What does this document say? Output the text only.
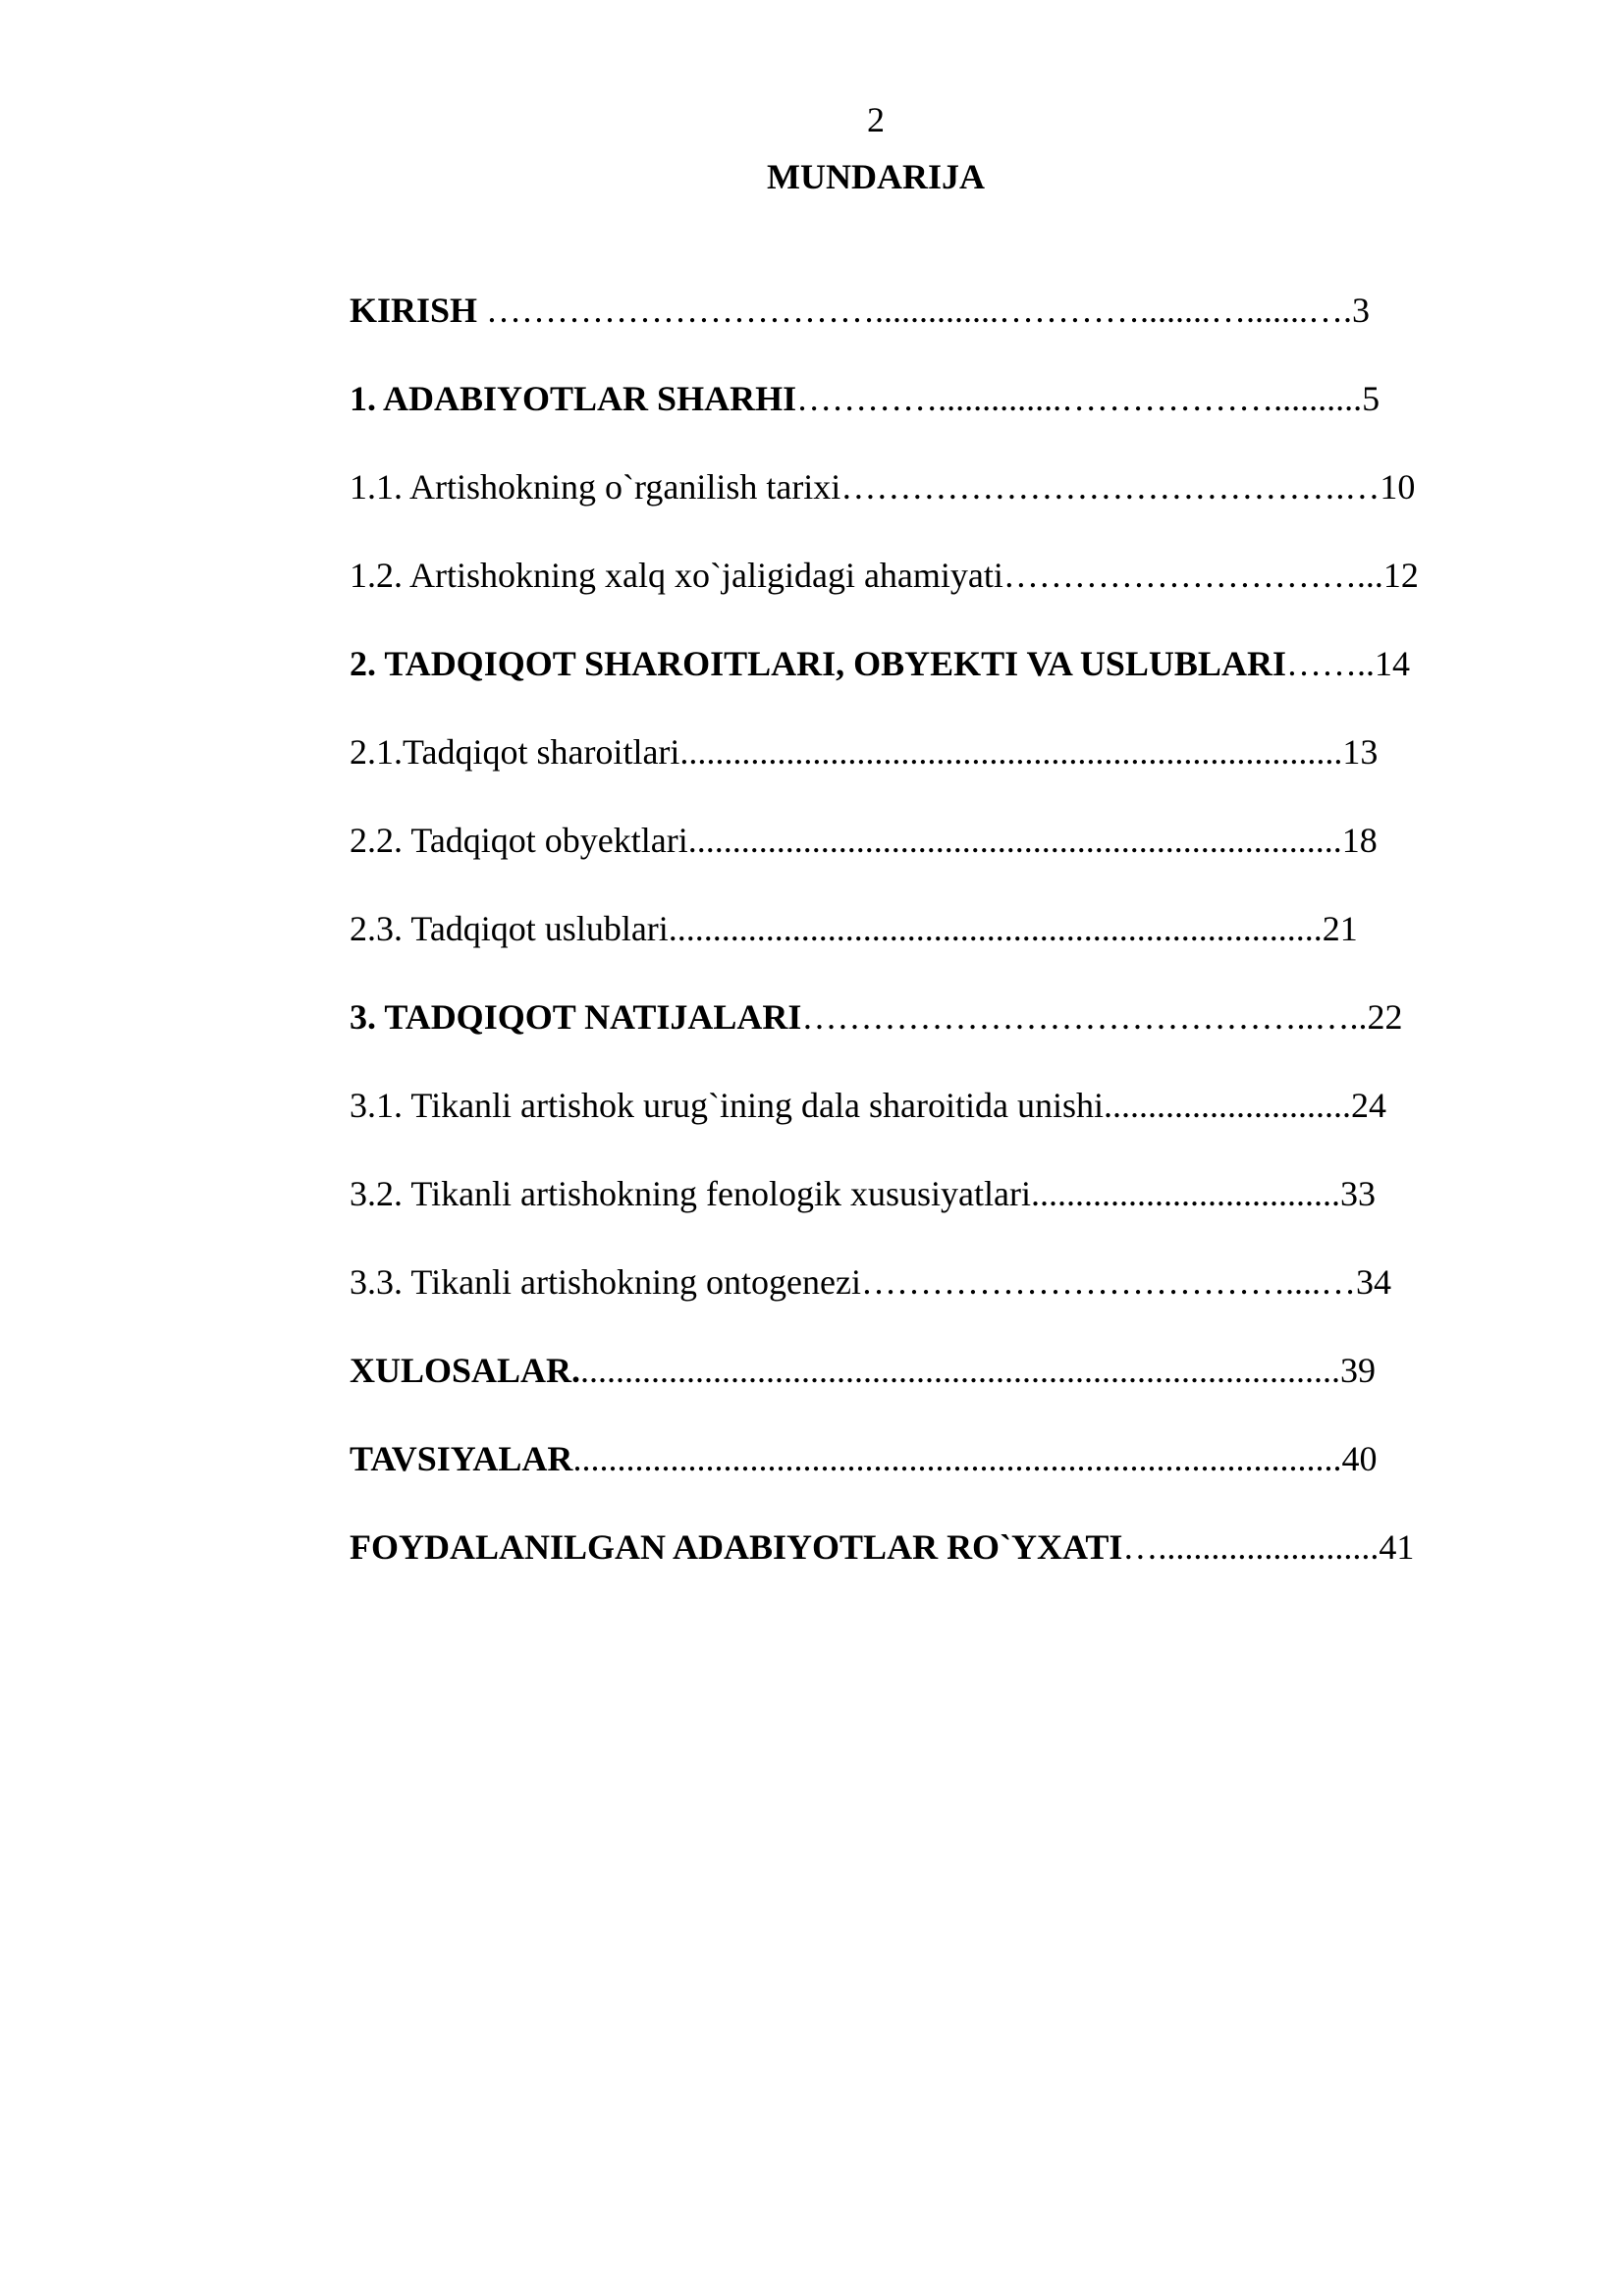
2
MUNDARIJA
KIRISH ……………………………..............…………........….......….3
1. ADABIYOTLAR SHARHI…………..............………………..........5
1.1. Artishokning o`rganilish tarixi…………………………………….…10
1.2. Artishokning xalq xo`jaligidagi ahamiyati…………………………...12
2. TADQIQOT SHAROITLARI, OBYEKTI VA USLUBLARI……..14
2.1.Tadqiqot sharoitlari...........................................................................13
2.2. Tadqiqot obyektlari..........................................................................18
2.3. Tadqiqot uslublari..........................................................................21
3. TADQIQOT NATIJALARI……………………………………..…..22
3.1. Tikanli artishok urug`ining dala sharoitida unishi............................24
3.2. Tikanli artishokning fenologik xususiyatlari...................................33
3.3. Tikanli artishokning ontogenezi………………………………....…34
XULOSALAR.......................................................................................39
TAVSIYALAR.......................................................................................40
FOYDALANILGAN ADABIYOTLAR RO`YXATI….........................41
